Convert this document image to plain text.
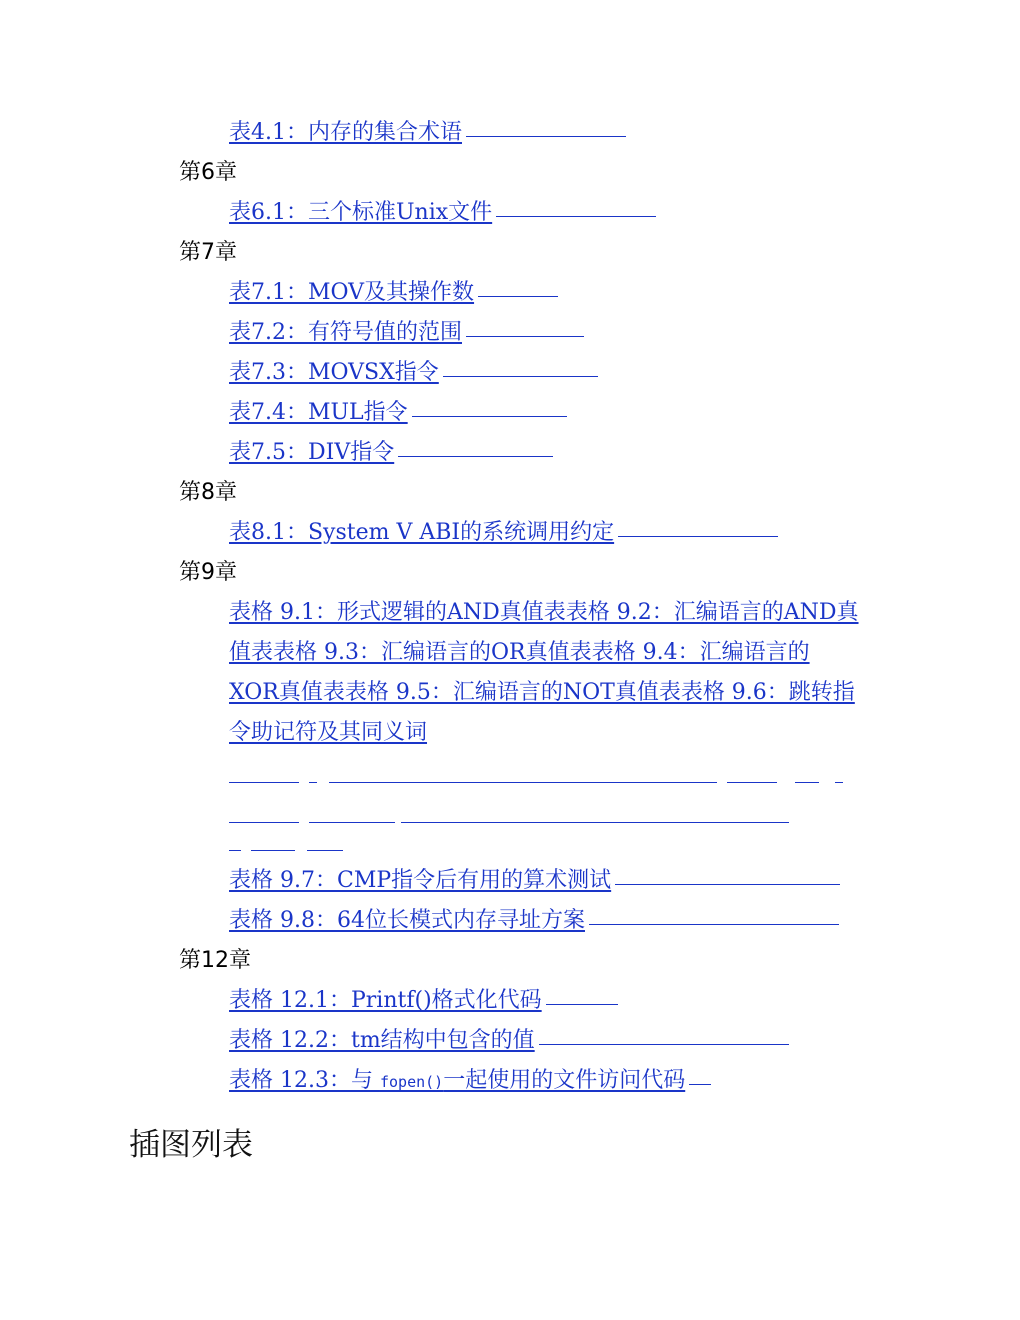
表4.1：内存的集合术语
第6章
表6.1：三个标准Unix文件
第7章
表7.1：MOV及其操作数
表7.2：有符号值的范围
表7.3：MOVSX指令
表7.4：MUL指令
表7.5：DIV指令
第8章
表8.1：System V ABI的系统调用约定
第9章
表格 9.1：形式逻辑的AND真值表表格 9.2：汇编语言的AND真值表表格 9.3：汇编语言的OR真值表表格 9.4：汇编语言的XOR真值表表格 9.5：汇编语言的NOT真值表表格 9.6：跳转指令助记符及其同义词
表格 9.7：CMP指令后有用的算术测试
表格 9.8：64位长模式内存寻址方案
第12章
表格 12.1：Printf()格式化代码
表格 12.2：tm结构中包含的值
表格 12.3：与 fopen()一起使用的文件访问代码
插图列表
